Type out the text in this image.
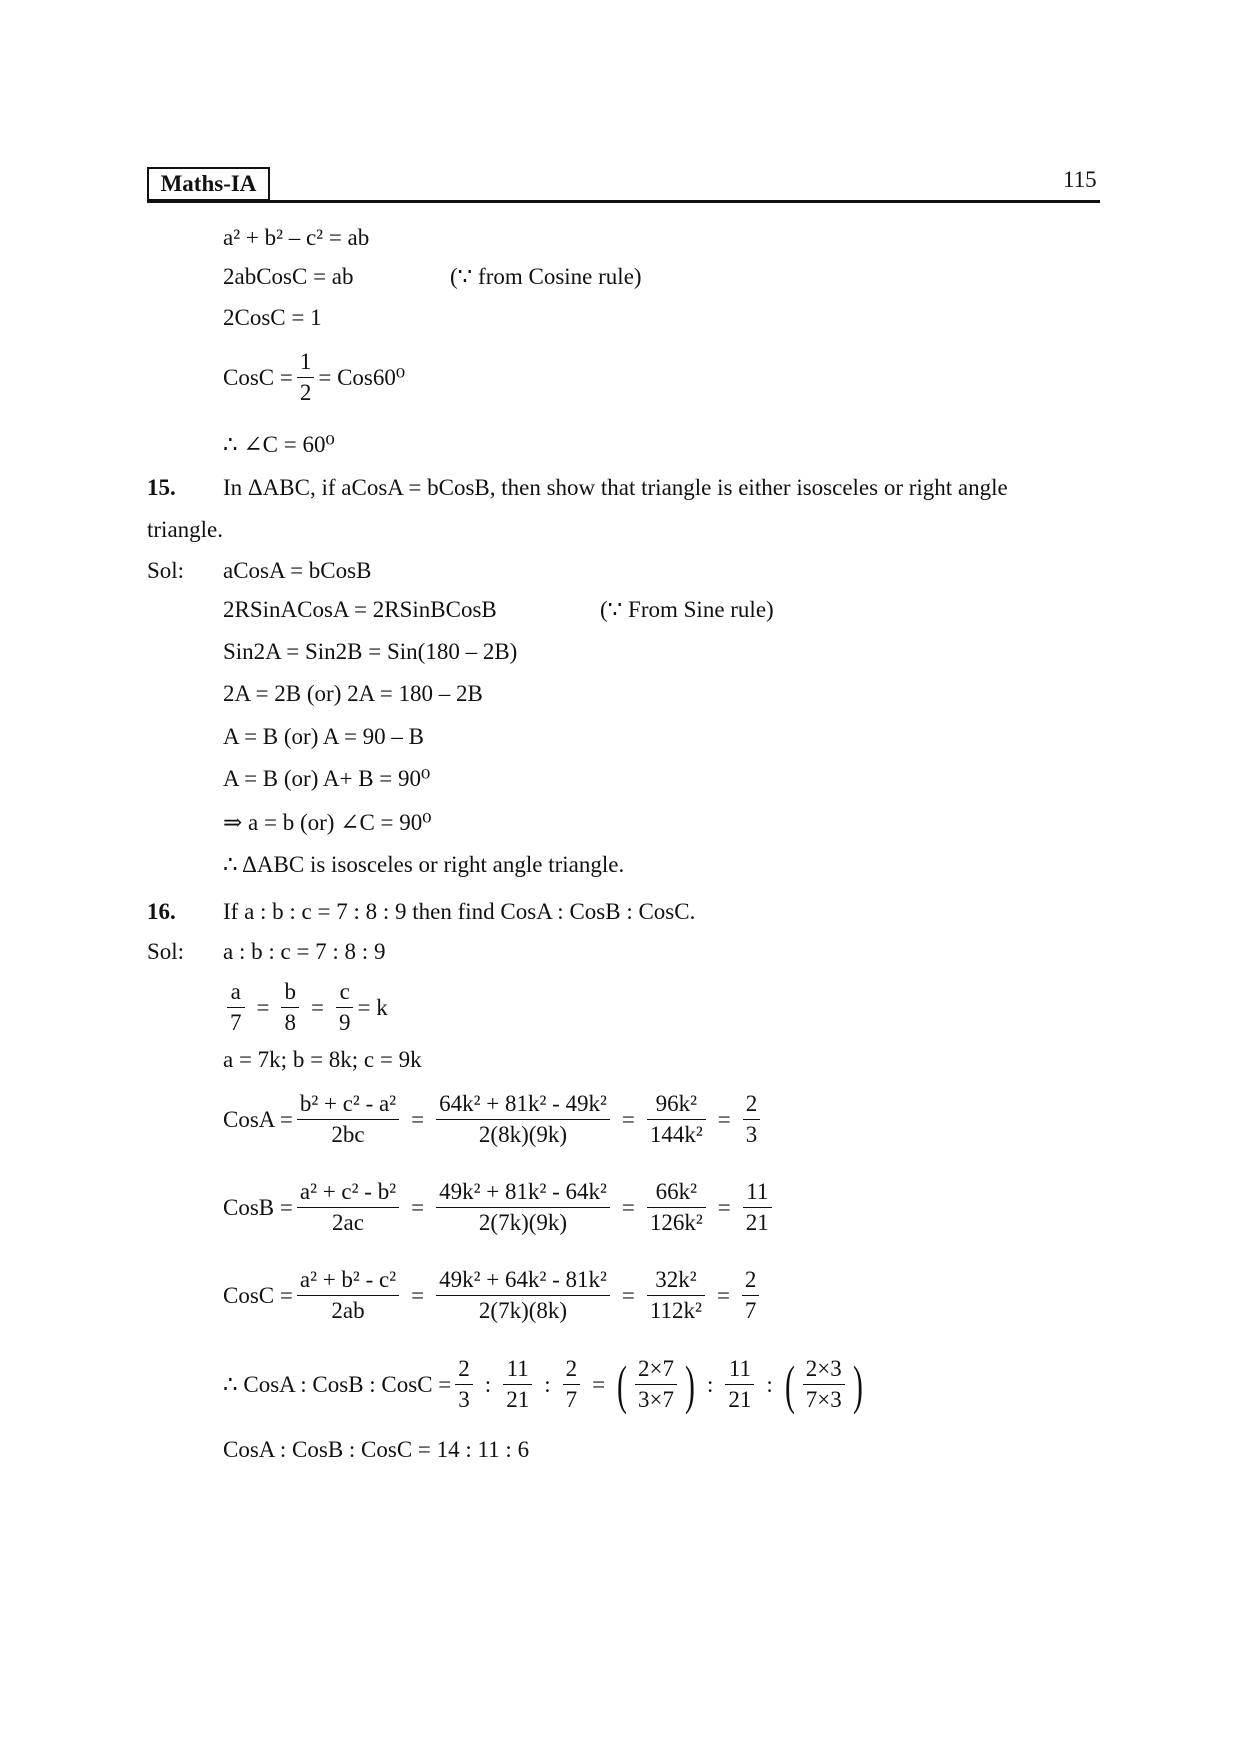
Maths-IA	115
a² + b² – c² = ab
2abCosC = ab	(∵ from Cosine rule)
2CosC = 1
CosC = $\frac{1}{2} = Cos60^0$
∴ ∠C = 60⁰
15. In ΔABC, if aCosA = bCosB, then show that triangle is either isosceles or right angle
triangle.
Sol: aCosA = bCosB
2RSinACosA = 2RSinBCosB	(∵ From Sine rule)
Sin2A = Sin2B = Sin(180 – 2B)
2A = 2B (or) 2A = 180 – 2B
A = B (or) A = 90 – B
A = B (or) A+ B = 90⁰
⇒ a = b (or) ∠C = 90⁰
∴ ΔABC is isosceles or right angle triangle.
16. If a : b : c = 7 : 8 : 9 then find CosA : CosB : CosC.
Sol: a : b : c = 7 : 8 : 9
$\frac{a}{7} = \frac{b}{8} = \frac{c}{9} = k$
a = 7k; b = 8k; c = 9k
CosA = $\frac{\text{b² + c² - a²}}{2bc} = \frac{\text{64k² + 81k² - 49k²}}{2(8k)(9k)} = \frac{\text{96k²}}{\text{144k²}} = \frac{2}{3}$
CosB = $\frac{\text{a² + c² - b²}}{2ac} = \frac{\text{49k² + 81k² - 64k²}}{2(7k)(9k)} = \frac{\text{66k²}}{\text{126k²}} = \frac{11}{21}$
CosC = $\frac{\text{a² + b² - c²}}{2ab} = \frac{\text{49k² + 64k² - 81k²}}{2(7k)(8k)} = \frac{\text{32k²}}{\text{112k²}} = \frac{2}{7}$
∴ CosA : CosB : CosC = $\frac{2}{3}$ : $\frac{11}{21}$ : $\frac{2}{7}$ = ( $\frac{2\times 7}{3\times 7}$ ) : $\frac{11}{21}$ : ( $\frac{2\times 3}{7\times 3}$ )
CosA : CosB : CosC = 14 : 11 : 6
